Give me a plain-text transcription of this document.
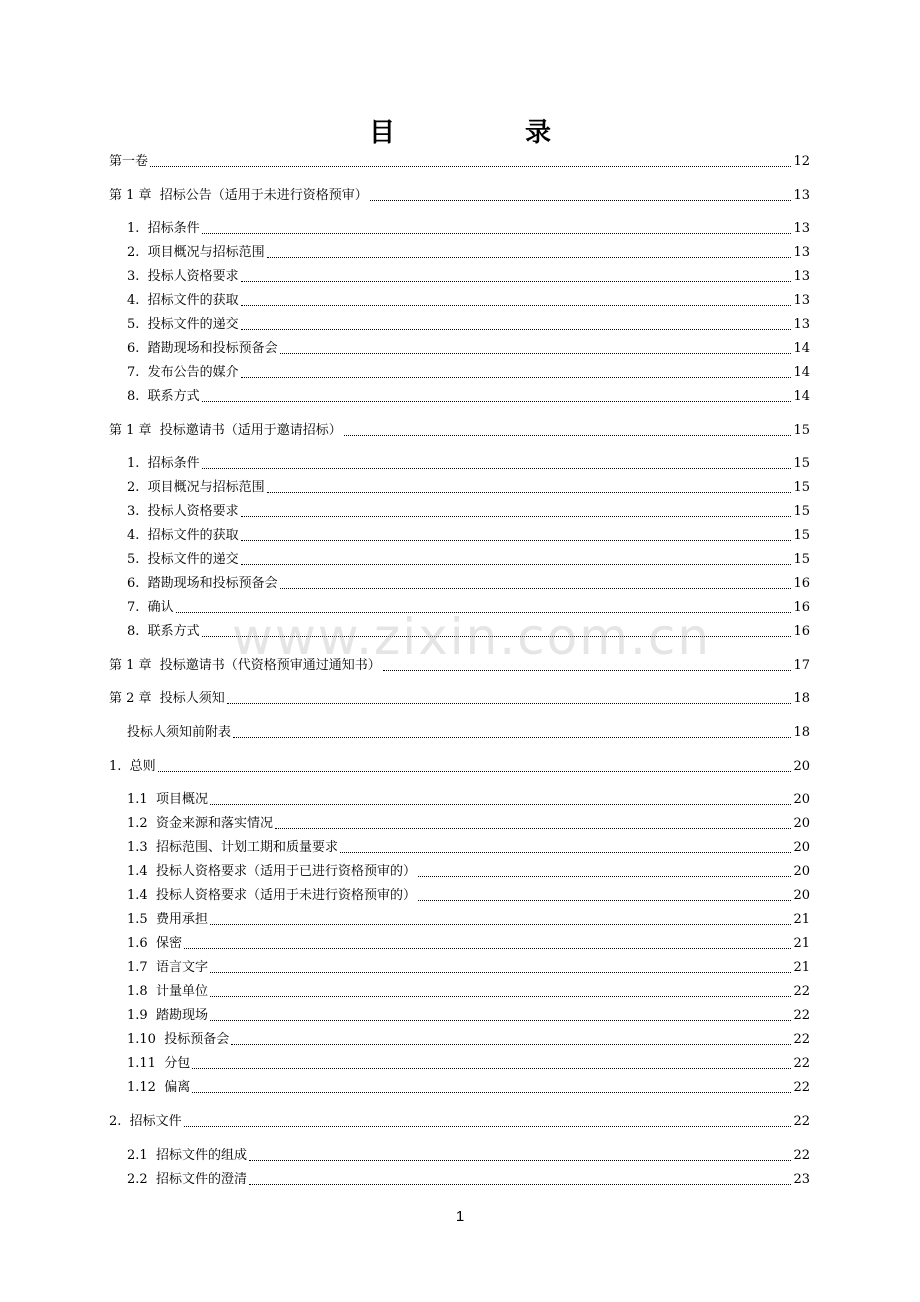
目　录
第一卷	12
第 1 章  招标公告（适用于未进行资格预审）	13
1.  招标条件	13
2.  项目概况与招标范围	13
3.  投标人资格要求	13
4.  招标文件的获取	13
5.  投标文件的递交	13
6.  踏勘现场和投标预备会	14
7.  发布公告的媒介	14
8.  联系方式	14
第 1 章  投标邀请书（适用于邀请招标）	15
1.  招标条件	15
2.  项目概况与招标范围	15
3.  投标人资格要求	15
4.  招标文件的获取	15
5.  投标文件的递交	15
6.  踏勘现场和投标预备会	16
7.  确认	16
8.  联系方式	16
第 1 章  投标邀请书（代资格预审通过通知书）	17
第 2 章  投标人须知	18
投标人须知前附表	18
1.  总则	20
1.1  项目概况	20
1.2  资金来源和落实情况	20
1.3  招标范围、计划工期和质量要求	20
1.4  投标人资格要求（适用于已进行资格预审的）	20
1.4  投标人资格要求（适用于未进行资格预审的）	20
1.5  费用承担	21
1.6  保密	21
1.7  语言文字	21
1.8  计量单位	22
1.9  踏勘现场	22
1.10  投标预备会	22
1.11  分包	22
1.12  偏离	22
2.  招标文件	22
2.1  招标文件的组成	22
2.2  招标文件的澄清	23
www.zixin.com.cn
1
